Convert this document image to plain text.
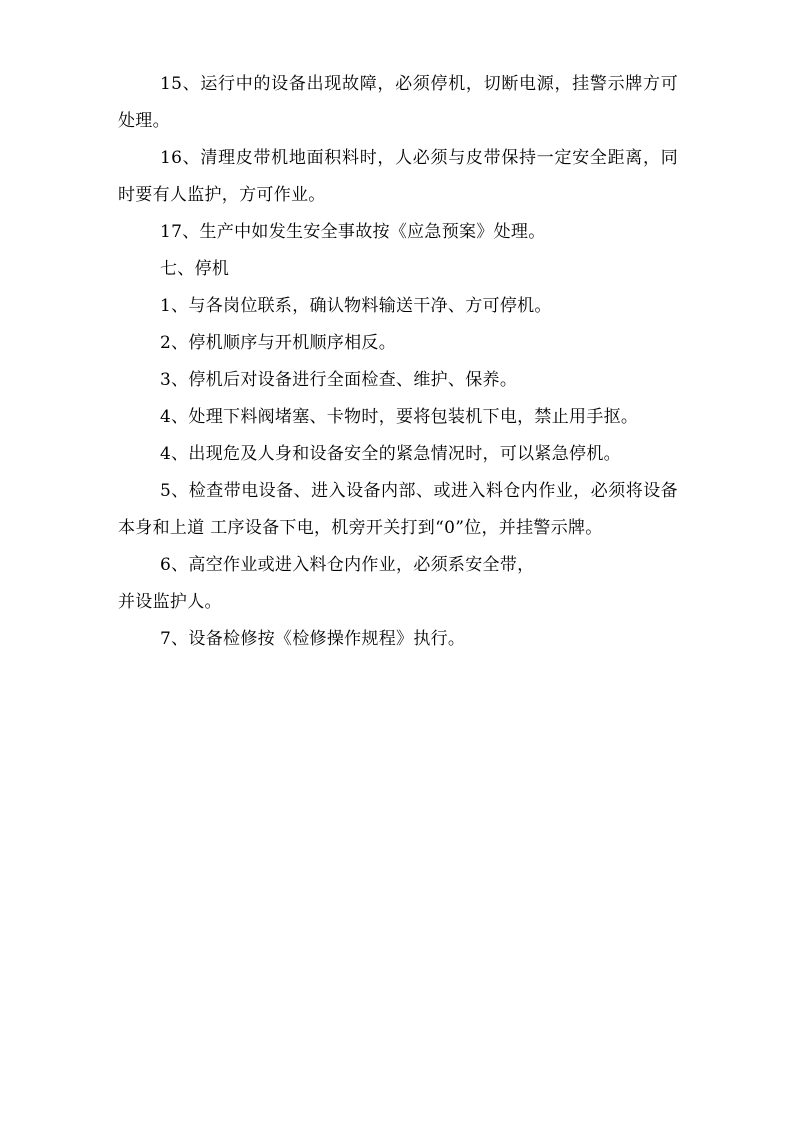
15、运行中的设备出现故障，必须停机，切断电源，挂警示牌方可处理。

16、清理皮带机地面积料时，人必须与皮带保持一定安全距离，同时要有人监护，方可作业。

17、生产中如发生安全事故按《应急预案》处理。

七、停机

1、与各岗位联系，确认物料输送干净、方可停机。

2、停机顺序与开机顺序相反。

3、停机后对设备进行全面检查、维护、保养。

4、处理下料阀堵塞、卡物时，要将包装机下电，禁止用手抠。

4、出现危及人身和设备安全的紧急情况时，可以紧急停机。

5、检查带电设备、进入设备内部、或进入料仓内作业，必须将设备本身和上道 工序设备下电，机旁开关打到“0”位，并挂警示牌。

6、高空作业或进入料仓内作业，必须系安全带，

并设监护人。

7、设备检修按《检修操作规程》执行。
